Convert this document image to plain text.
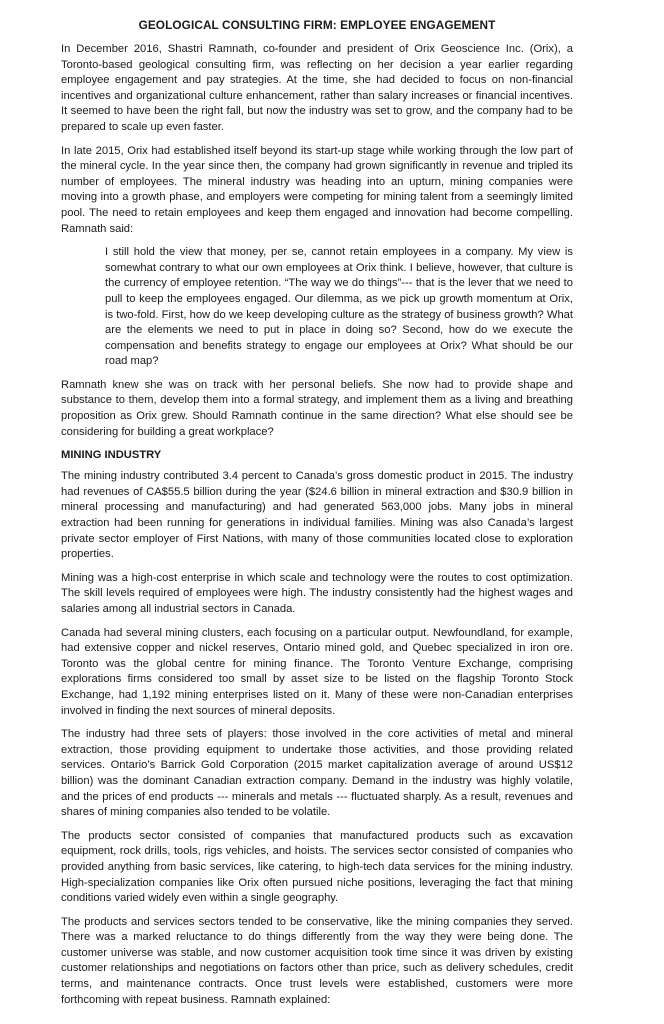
GEOLOGICAL CONSULTING FIRM: EMPLOYEE ENGAGEMENT

In December 2016, Shastri Ramnath, co-founder and president of Orix Geoscience Inc. (Orix), a Toronto-based geological consulting firm, was reflecting on her decision a year earlier regarding employee engagement and pay strategies. At the time, she had decided to focus on non-financial incentives and organizational culture enhancement, rather than salary increases or financial incentives. It seemed to have been the right fall, but now the industry was set to grow, and the company had to be prepared to scale up even faster.

In late 2015, Orix had established itself beyond its start-up stage while working through the low part of the mineral cycle. In the year since then, the company had grown significantly in revenue and tripled its number of employees. The mineral industry was heading into an upturn, mining companies were moving into a growth phase, and employers were competing for mining talent from a seemingly limited pool. The need to retain employees and keep them engaged and innovation had become compelling. Ramnath said:

I still hold the view that money, per se, cannot retain employees in a company. My view is somewhat contrary to what our own employees at Orix think. I believe, however, that culture is the currency of employee retention. “The way we do things”--- that is the lever that we need to pull to keep the employees engaged. Our dilemma, as we pick up growth momentum at Orix, is two-fold. First, how do we keep developing culture as the strategy of business growth? What are the elements we need to put in place in doing so? Second, how do we execute the compensation and benefits strategy to engage our employees at Orix? What should be our road map?

Ramnath knew she was on track with her personal beliefs. She now had to provide shape and substance to them, develop them into a formal strategy, and implement them as a living and breathing proposition as Orix grew. Should Ramnath continue in the same direction? What else should see be considering for building a great workplace?

MINING INDUSTRY

The mining industry contributed 3.4 percent to Canada’s gross domestic product in 2015. The industry had revenues of CA$55.5 billion during the year ($24.6 billion in mineral extraction and $30.9 billion in mineral processing and manufacturing) and had generated 563,000 jobs. Many jobs in mineral extraction had been running for generations in individual families. Mining was also Canada’s largest private sector employer of First Nations, with many of those communities located close to exploration properties.

Mining was a high-cost enterprise in which scale and technology were the routes to cost optimization. The skill levels required of employees were high. The industry consistently had the highest wages and salaries among all industrial sectors in Canada.

Canada had several mining clusters, each focusing on a particular output. Newfoundland, for example, had extensive copper and nickel reserves, Ontario mined gold, and Quebec specialized in iron ore. Toronto was the global centre for mining finance. The Toronto Venture Exchange, comprising explorations firms considered too small by asset size to be listed on the flagship Toronto Stock Exchange, had 1,192 mining enterprises listed on it. Many of these were non-Canadian enterprises involved in finding the next sources of mineral deposits.

The industry had three sets of players: those involved in the core activities of metal and mineral extraction, those providing equipment to undertake those activities, and those providing related services. Ontario’s Barrick Gold Corporation (2015 market capitalization average of around US$12 billion) was the dominant Canadian extraction company. Demand in the industry was highly volatile, and the prices of end products --- minerals and metals --- fluctuated sharply. As a result, revenues and shares of mining companies also tended to be volatile.

The products sector consisted of companies that manufactured products such as excavation equipment, rock drills, tools, rigs vehicles, and hoists. The services sector consisted of companies who provided anything from basic services, like catering, to high-tech data services for the mining industry. High-specialization companies like Orix often pursued niche positions, leveraging the fact that mining conditions varied widely even within a single geography.

The products and services sectors tended to be conservative, like the mining companies they served. There was a marked reluctance to do things differently from the way they were being done. The customer universe was stable, and now customer acquisition took time since it was driven by existing customer relationships and negotiations on factors other than price, such as delivery schedules, credit terms, and maintenance contracts. Once trust levels were established, customers were more forthcoming with repeat business. Ramnath explained:
